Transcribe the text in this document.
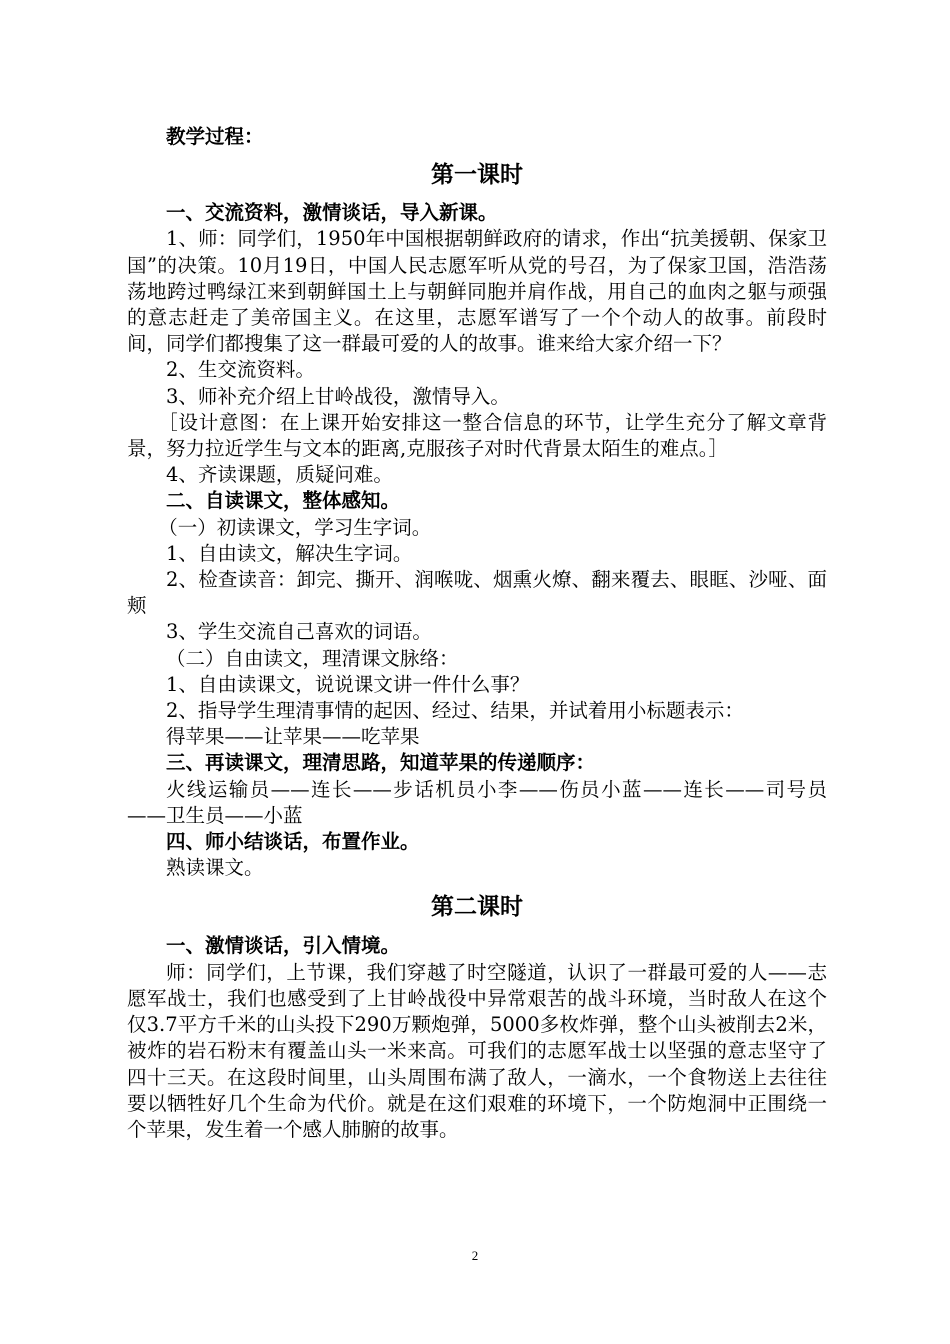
教学过程：

第一课时

一、交流资料，激情谈话，导入新课。

1、师：同学们，1950年中国根据朝鲜政府的请求，作出“抗美援朝、保家卫国”的决策。10月19日，中国人民志愿军听从党的号召，为了保家卫国，浩浩荡荡地跨过鸭绿江来到朝鲜国土上与朝鲜同胞并肩作战，用自己的血肉之躯与顽强的意志赶走了美帝国主义。在这里，志愿军谱写了一个个动人的故事。前段时间，同学们都搜集了这一群最可爱的人的故事。谁来给大家介绍一下？

2、生交流资料。

3、师补充介绍上甘岭战役，激情导入。

［设计意图：在上课开始安排这一整合信息的环节，让学生充分了解文章背景，努力拉近学生与文本的距离,克服孩子对时代背景太陌生的难点。］

4、齐读课题，质疑问难。

二、自读课文，整体感知。

（一）初读课文，学习生字词。

1、自由读文，解决生字词。

2、检查读音：卸完、撕开、润喉咙、烟熏火燎、翻来覆去、眼眶、沙哑、面颊

3、学生交流自己喜欢的词语。

（二）自由读文，理清课文脉络：

1、自由读课文，说说课文讲一件什么事？

2、指导学生理清事情的起因、经过、结果，并试着用小标题表示：

得苹果——让苹果——吃苹果

三、再读课文，理清思路，知道苹果的传递顺序：

火线运输员——连长——步话机员小李——伤员小蓝——连长——司号员——卫生员——小蓝

四、师小结谈话，布置作业。

熟读课文。

第二课时

一、激情谈话，引入情境。

师：同学们，上节课，我们穿越了时空隧道，认识了一群最可爱的人——志愿军战士，我们也感受到了上甘岭战役中异常艰苦的战斗环境，当时敌人在这个仅3.7平方千米的山头投下290万颗炮弹，5000多枚炸弹，整个山头被削去2米，被炸的岩石粉末有覆盖山头一米来高。可我们的志愿军战士以坚强的意志坚守了四十三天。在这段时间里，山头周围布满了敌人，一滴水，一个食物送上去往往要以牺牲好几个生命为代价。就是在这们艰难的环境下，一个防炮洞中正围绕一个苹果，发生着一个感人肺腑的故事。

2
